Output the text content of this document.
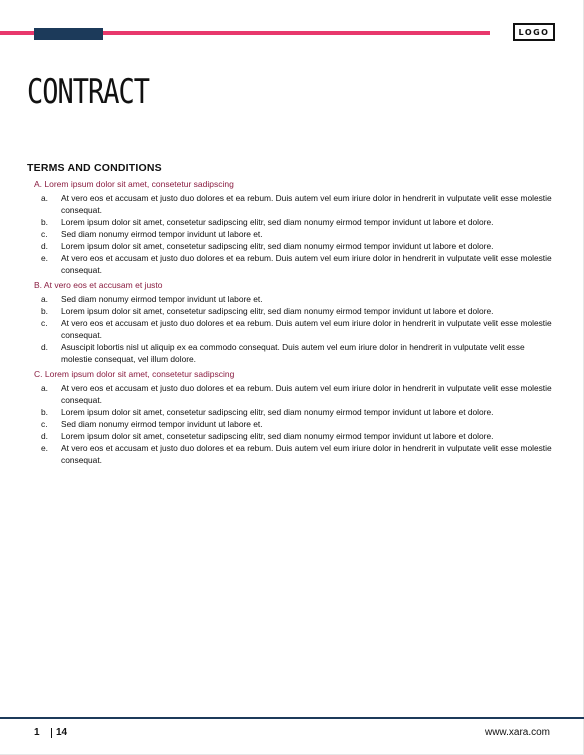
LOGO
CONTRACT
TERMS AND CONDITIONS
A. Lorem ipsum dolor sit amet, consetetur sadipscing
a. At vero eos et accusam et justo duo dolores et ea rebum. Duis autem vel eum iriure dolor in hendrerit in vulputate velit esse molestie consequat.
b. Lorem ipsum dolor sit amet, consetetur sadipscing elitr, sed diam nonumy eirmod tempor invidunt ut labore et dolore.
c. Sed diam nonumy eirmod tempor invidunt ut labore et.
d. Lorem ipsum dolor sit amet, consetetur sadipscing elitr, sed diam nonumy eirmod tempor invidunt ut labore et dolore.
e. At vero eos et accusam et justo duo dolores et ea rebum. Duis autem vel eum iriure dolor in hendrerit in vulputate velit esse molestie consequat.
B. At vero eos et accusam et justo
a. Sed diam nonumy eirmod tempor invidunt ut labore et.
b. Lorem ipsum dolor sit amet, consetetur sadipscing elitr, sed diam nonumy eirmod tempor invidunt ut labore et dolore.
c. At vero eos et accusam et justo duo dolores et ea rebum. Duis autem vel eum iriure dolor in hendrerit in vulputate velit esse molestie consequat.
d. Asuscipit lobortis nisl ut aliquip ex ea commodo consequat. Duis autem vel eum iriure dolor in hendrerit in vulputate velit esse molestie consequat, vel illum dolore.
C. Lorem ipsum dolor sit amet, consetetur sadipscing
a. At vero eos et accusam et justo duo dolores et ea rebum. Duis autem vel eum iriure dolor in hendrerit in vulputate velit esse molestie consequat.
b. Lorem ipsum dolor sit amet, consetetur sadipscing elitr, sed diam nonumy eirmod tempor invidunt ut labore et dolore.
c. Sed diam nonumy eirmod tempor invidunt ut labore et.
d. Lorem ipsum dolor sit amet, consetetur sadipscing elitr, sed diam nonumy eirmod tempor invidunt ut labore et dolore.
e. At vero eos et accusam et justo duo dolores et ea rebum. Duis autem vel eum iriure dolor in hendrerit in vulputate velit esse molestie consequat.
1 14	www.xara.com
